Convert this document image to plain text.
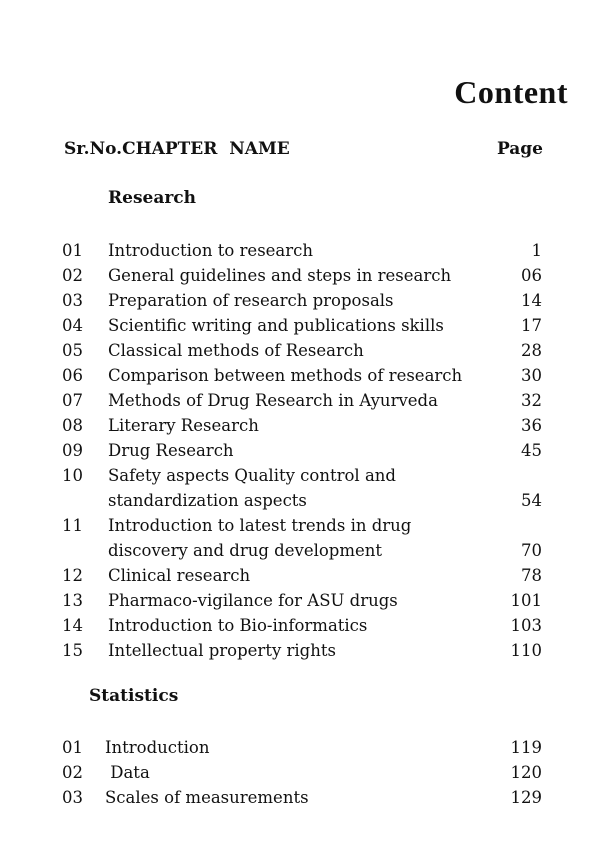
Content
Sr.No.CHAPTER  NAME	Page
Research
01 Introduction to research	1
02 General guidelines and steps in research	06
03 Preparation of research proposals	14
04 Scientific writing and publications skills	17
05 Classical methods of Research	28
06 Comparison between methods of research	30
07 Methods of Drug Research in Ayurveda	32
08 Literary Research	36
09 Drug Research	45
10 Safety aspects Quality control and
standardization aspects	54
11 Introduction to latest trends in drug
discovery and drug development	70
12 Clinical research	78
13 Pharmaco-vigilance for ASU drugs	101
14 Introduction to Bio-informatics	103
15 Intellectual property rights	110
Statistics
01 Introduction	119
02 Data	120
03 Scales of measurements	129
